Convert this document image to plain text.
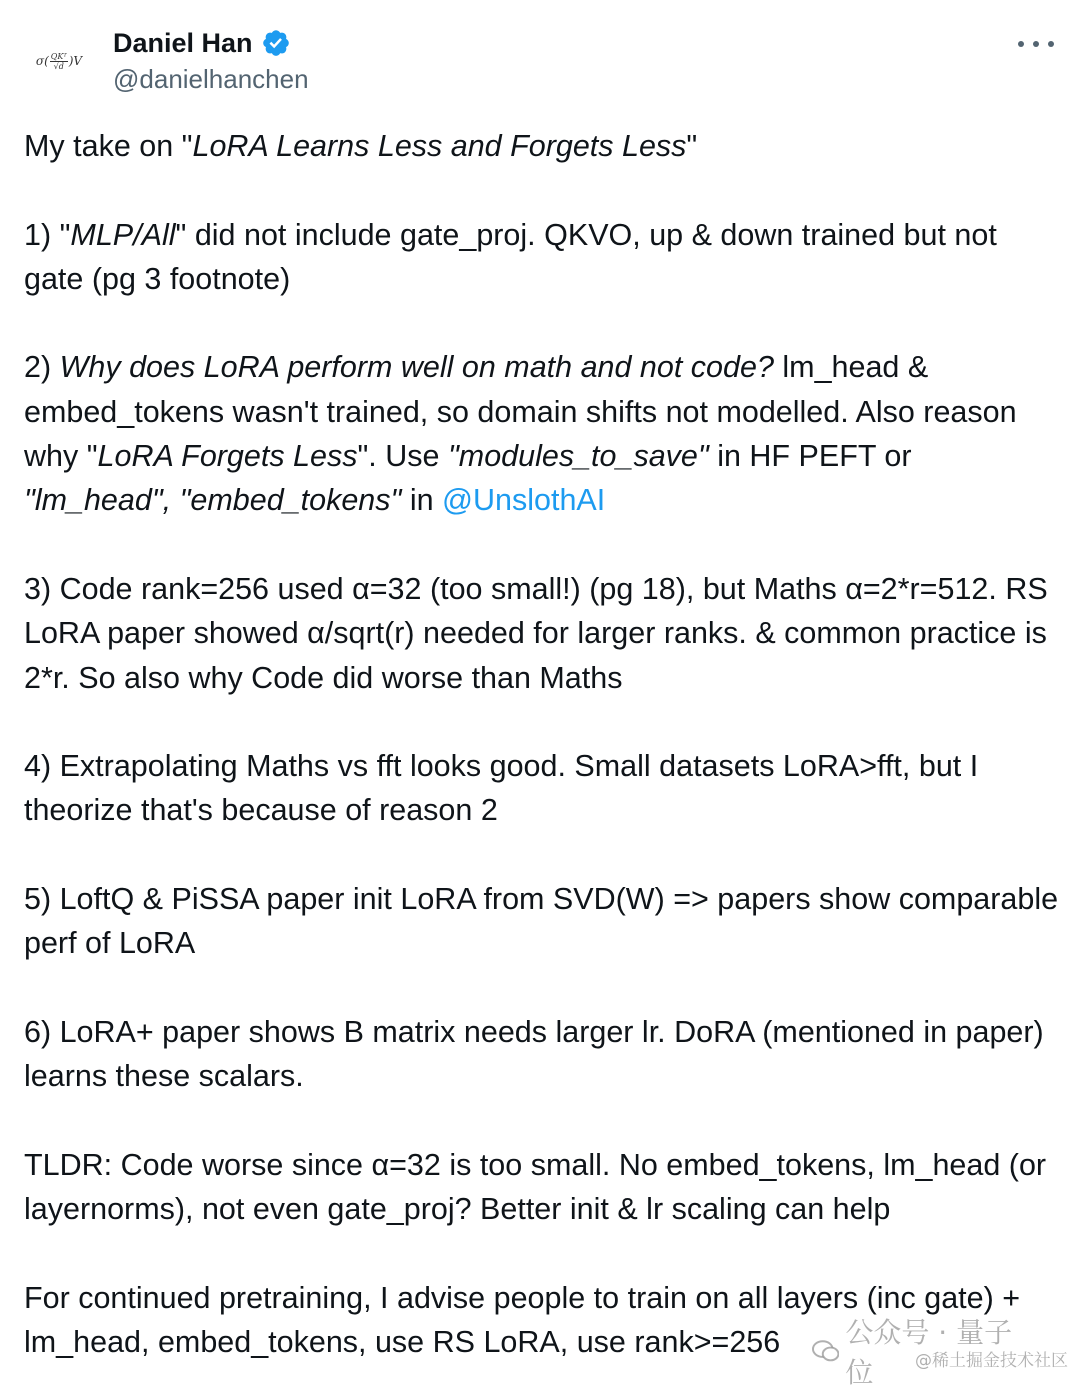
$\sigma( \frac{\text{QKᵀ}}{√d} )V$
Daniel Han
@danielhanchen

My take on "LoRA Learns Less and Forgets Less"

1) "MLP/All" did not include gate_proj. QKVO, up & down trained but not gate (pg 3 footnote)

2) Why does LoRA perform well on math and not code? lm_head & embed_tokens wasn't trained, so domain shifts not modelled. Also reason why "LoRA Forgets Less". Use "modules_to_save" in HF PEFT or "lm_head", "embed_tokens" in @UnslothAI

3) Code rank=256 used α=32 (too small!) (pg 18), but Maths α=2*r=512. RS LoRA paper showed α/sqrt(r) needed for larger ranks. & common practice is 2*r. So also why Code did worse than Maths

4) Extrapolating Maths vs fft looks good. Small datasets LoRA>fft, but I theorize that's because of reason 2

5) LoftQ & PiSSA paper init LoRA from SVD(W) => papers show comparable perf of LoRA

6) LoRA+ paper shows B matrix needs larger lr. DoRA (mentioned in paper) learns these scalars.

TLDR: Code worse since α=32 is too small. No embed_tokens, lm_head (or layernorms), not even gate_proj? Better init & lr scaling can help

For continued pretraining, I advise people to train on all layers (inc gate) + lm_head, embed_tokens, use RS LoRA, use rank>=256	公众号 · 量子位	@稀土掘金技术社区
